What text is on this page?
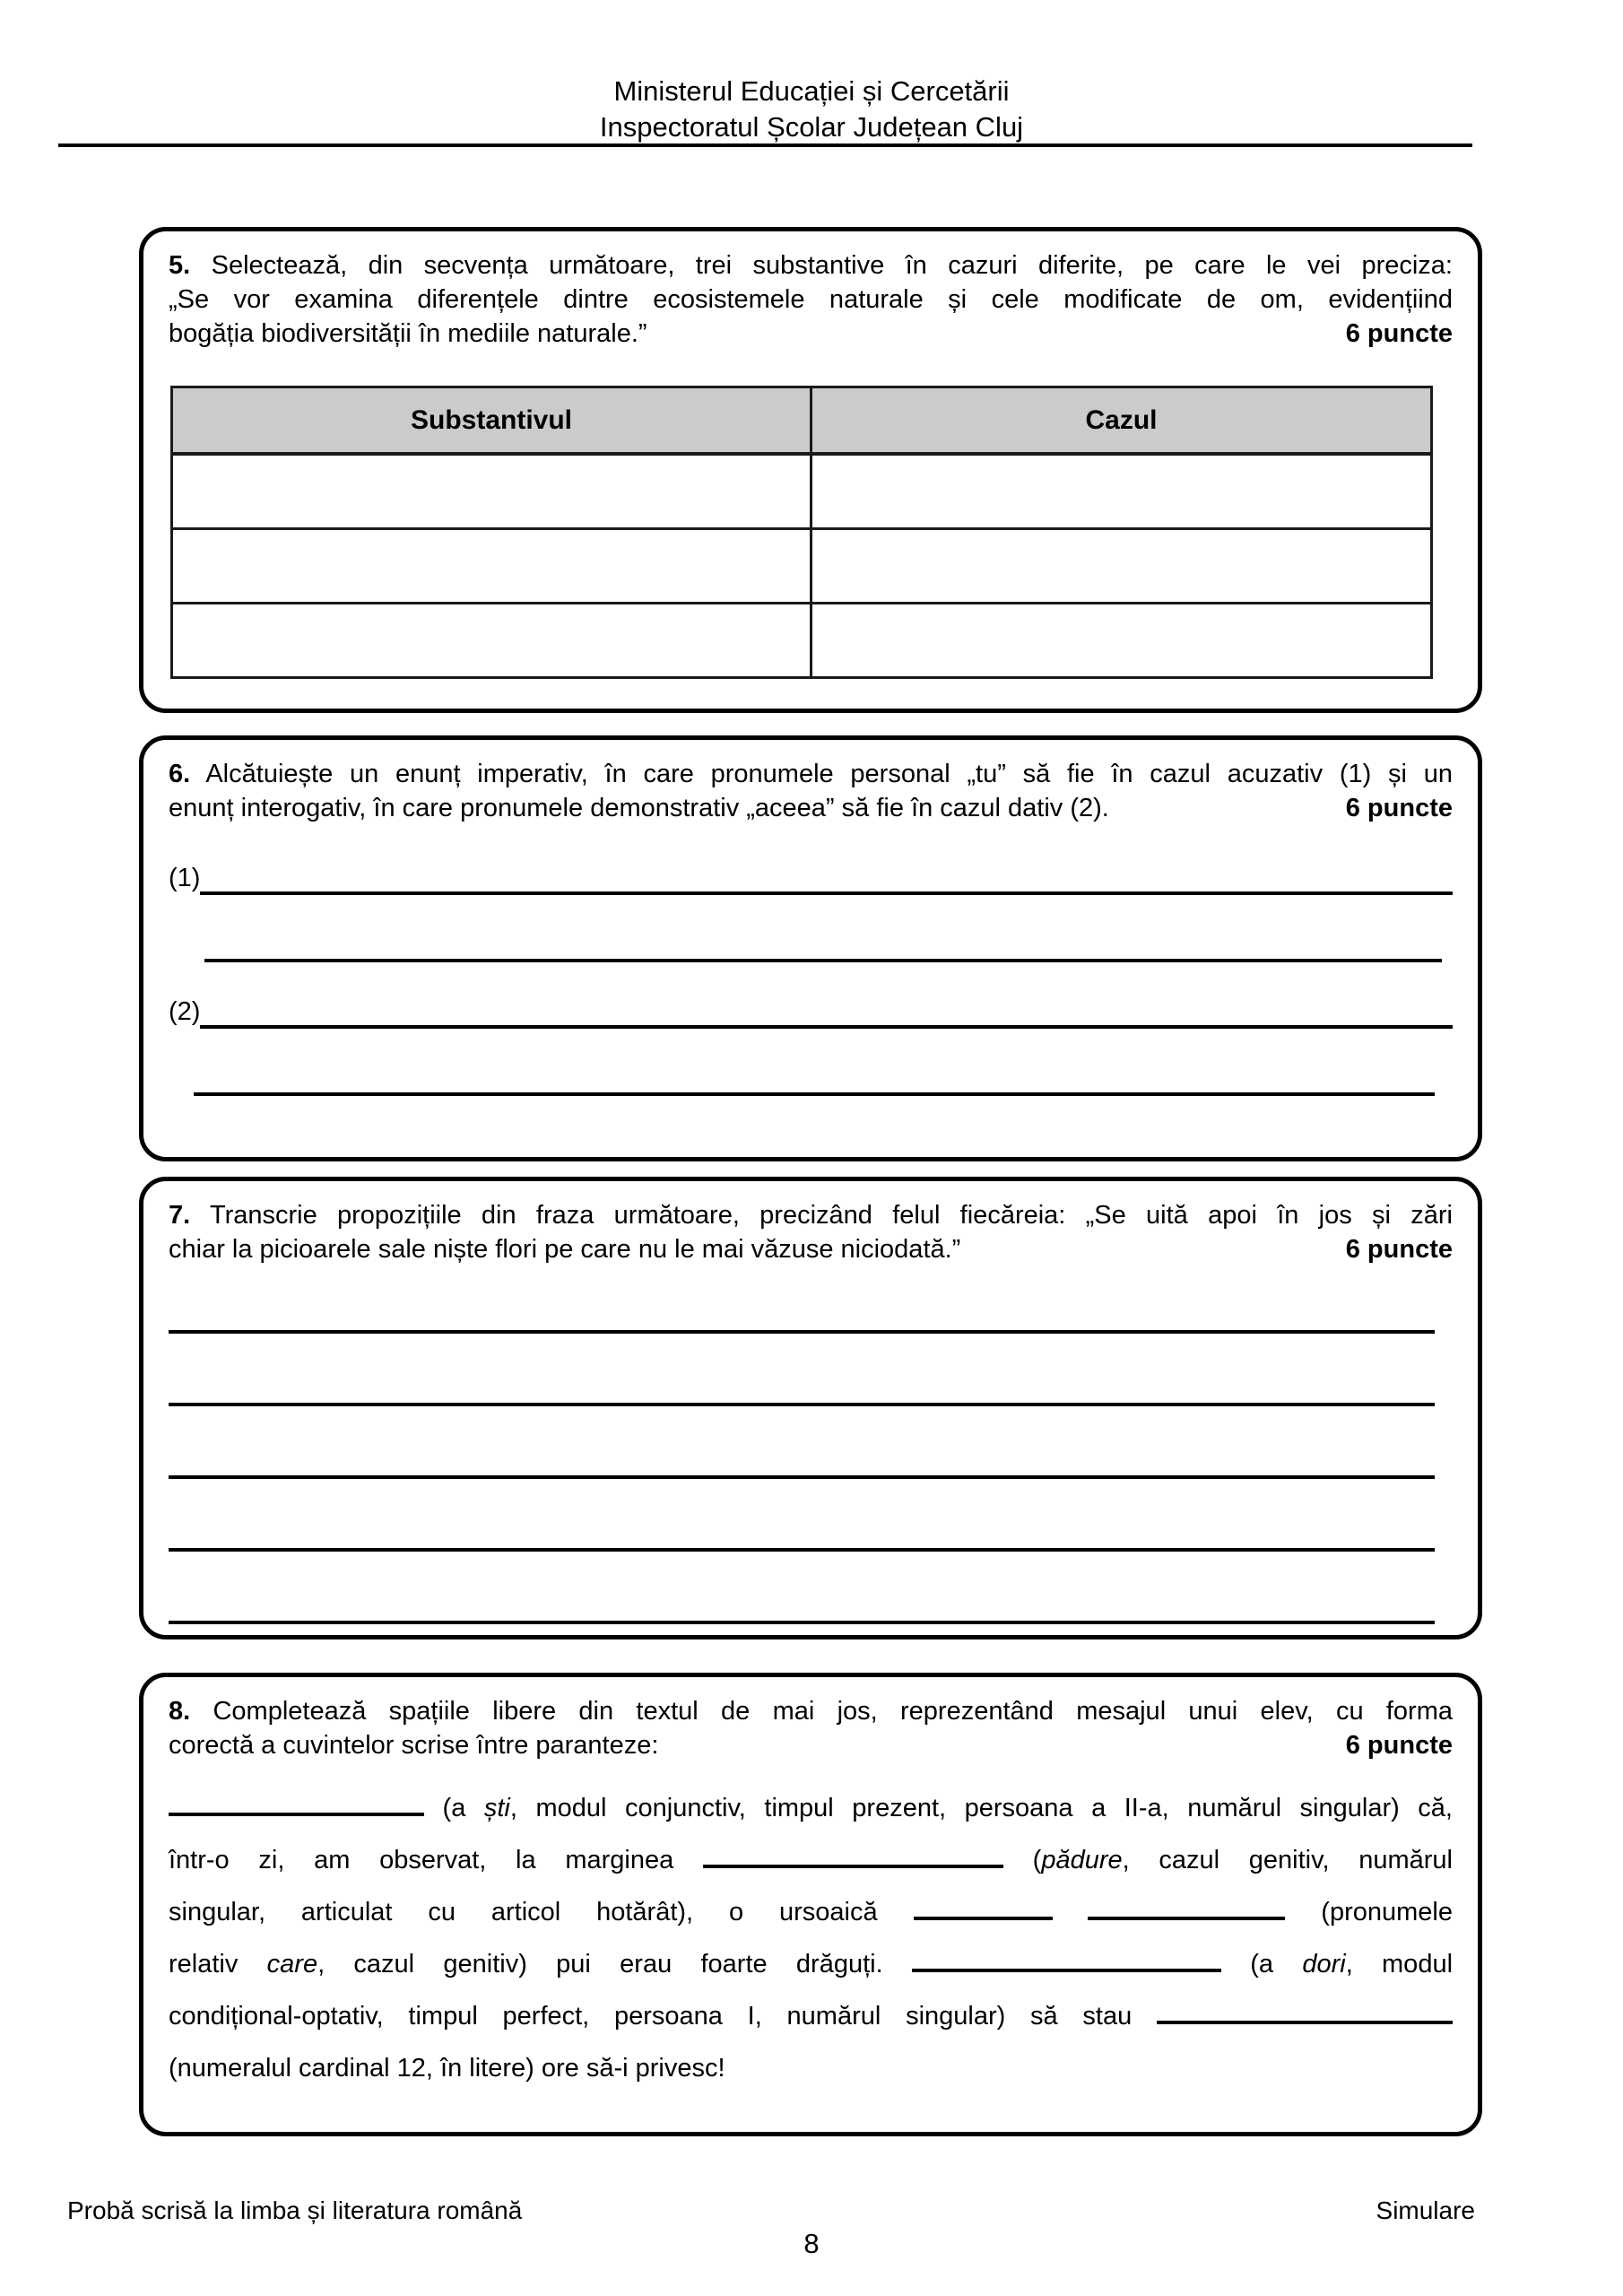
Ministerul Educației și Cercetării
Inspectoratul Școlar Județean Cluj
5. Selectează, din secvența următoare, trei substantive în cazuri diferite, pe care le vei preciza:
„Se vor examina diferențele dintre ecosistemele naturale și cele modificate de om, evidențiind
bogăția biodiversității în mediile naturale.”	6 puncte
Substantivul	Cazul

6. Alcătuiește un enunț imperativ, în care pronumele personal „tu” să fie în cazul acuzativ (1) și un
enunț interogativ, în care pronumele demonstrativ „aceea” să fie în cazul dativ (2).	6 puncte
(1)
(2)
7. Transcrie propozițiile din fraza următoare, precizând felul fiecăreia: „Se uită apoi în jos și zări
chiar la picioarele sale niște flori pe care nu le mai văzuse niciodată.”	6 puncte
8. Completează spațiile libere din textul de mai jos, reprezentând mesajul unui elev, cu forma
corectă a cuvintelor scrise între paranteze:	6 puncte
(a ști, modul conjunctiv, timpul prezent, persoana a II-a, numărul singular) că,
într-o zi, am observat, la marginea	(pădure, cazul genitiv, numărul
singular, articulat cu articol hotărât), o ursoaică	(pronumele
relativ care, cazul genitiv) pui erau foarte drăguți.	(a dori, modul
condițional-optativ, timpul perfect, persoana I, numărul singular) să stau
(numeralul cardinal 12, în litere) ore să-i privesc!
Probă scrisă la limba și literatura română	Simulare
8
